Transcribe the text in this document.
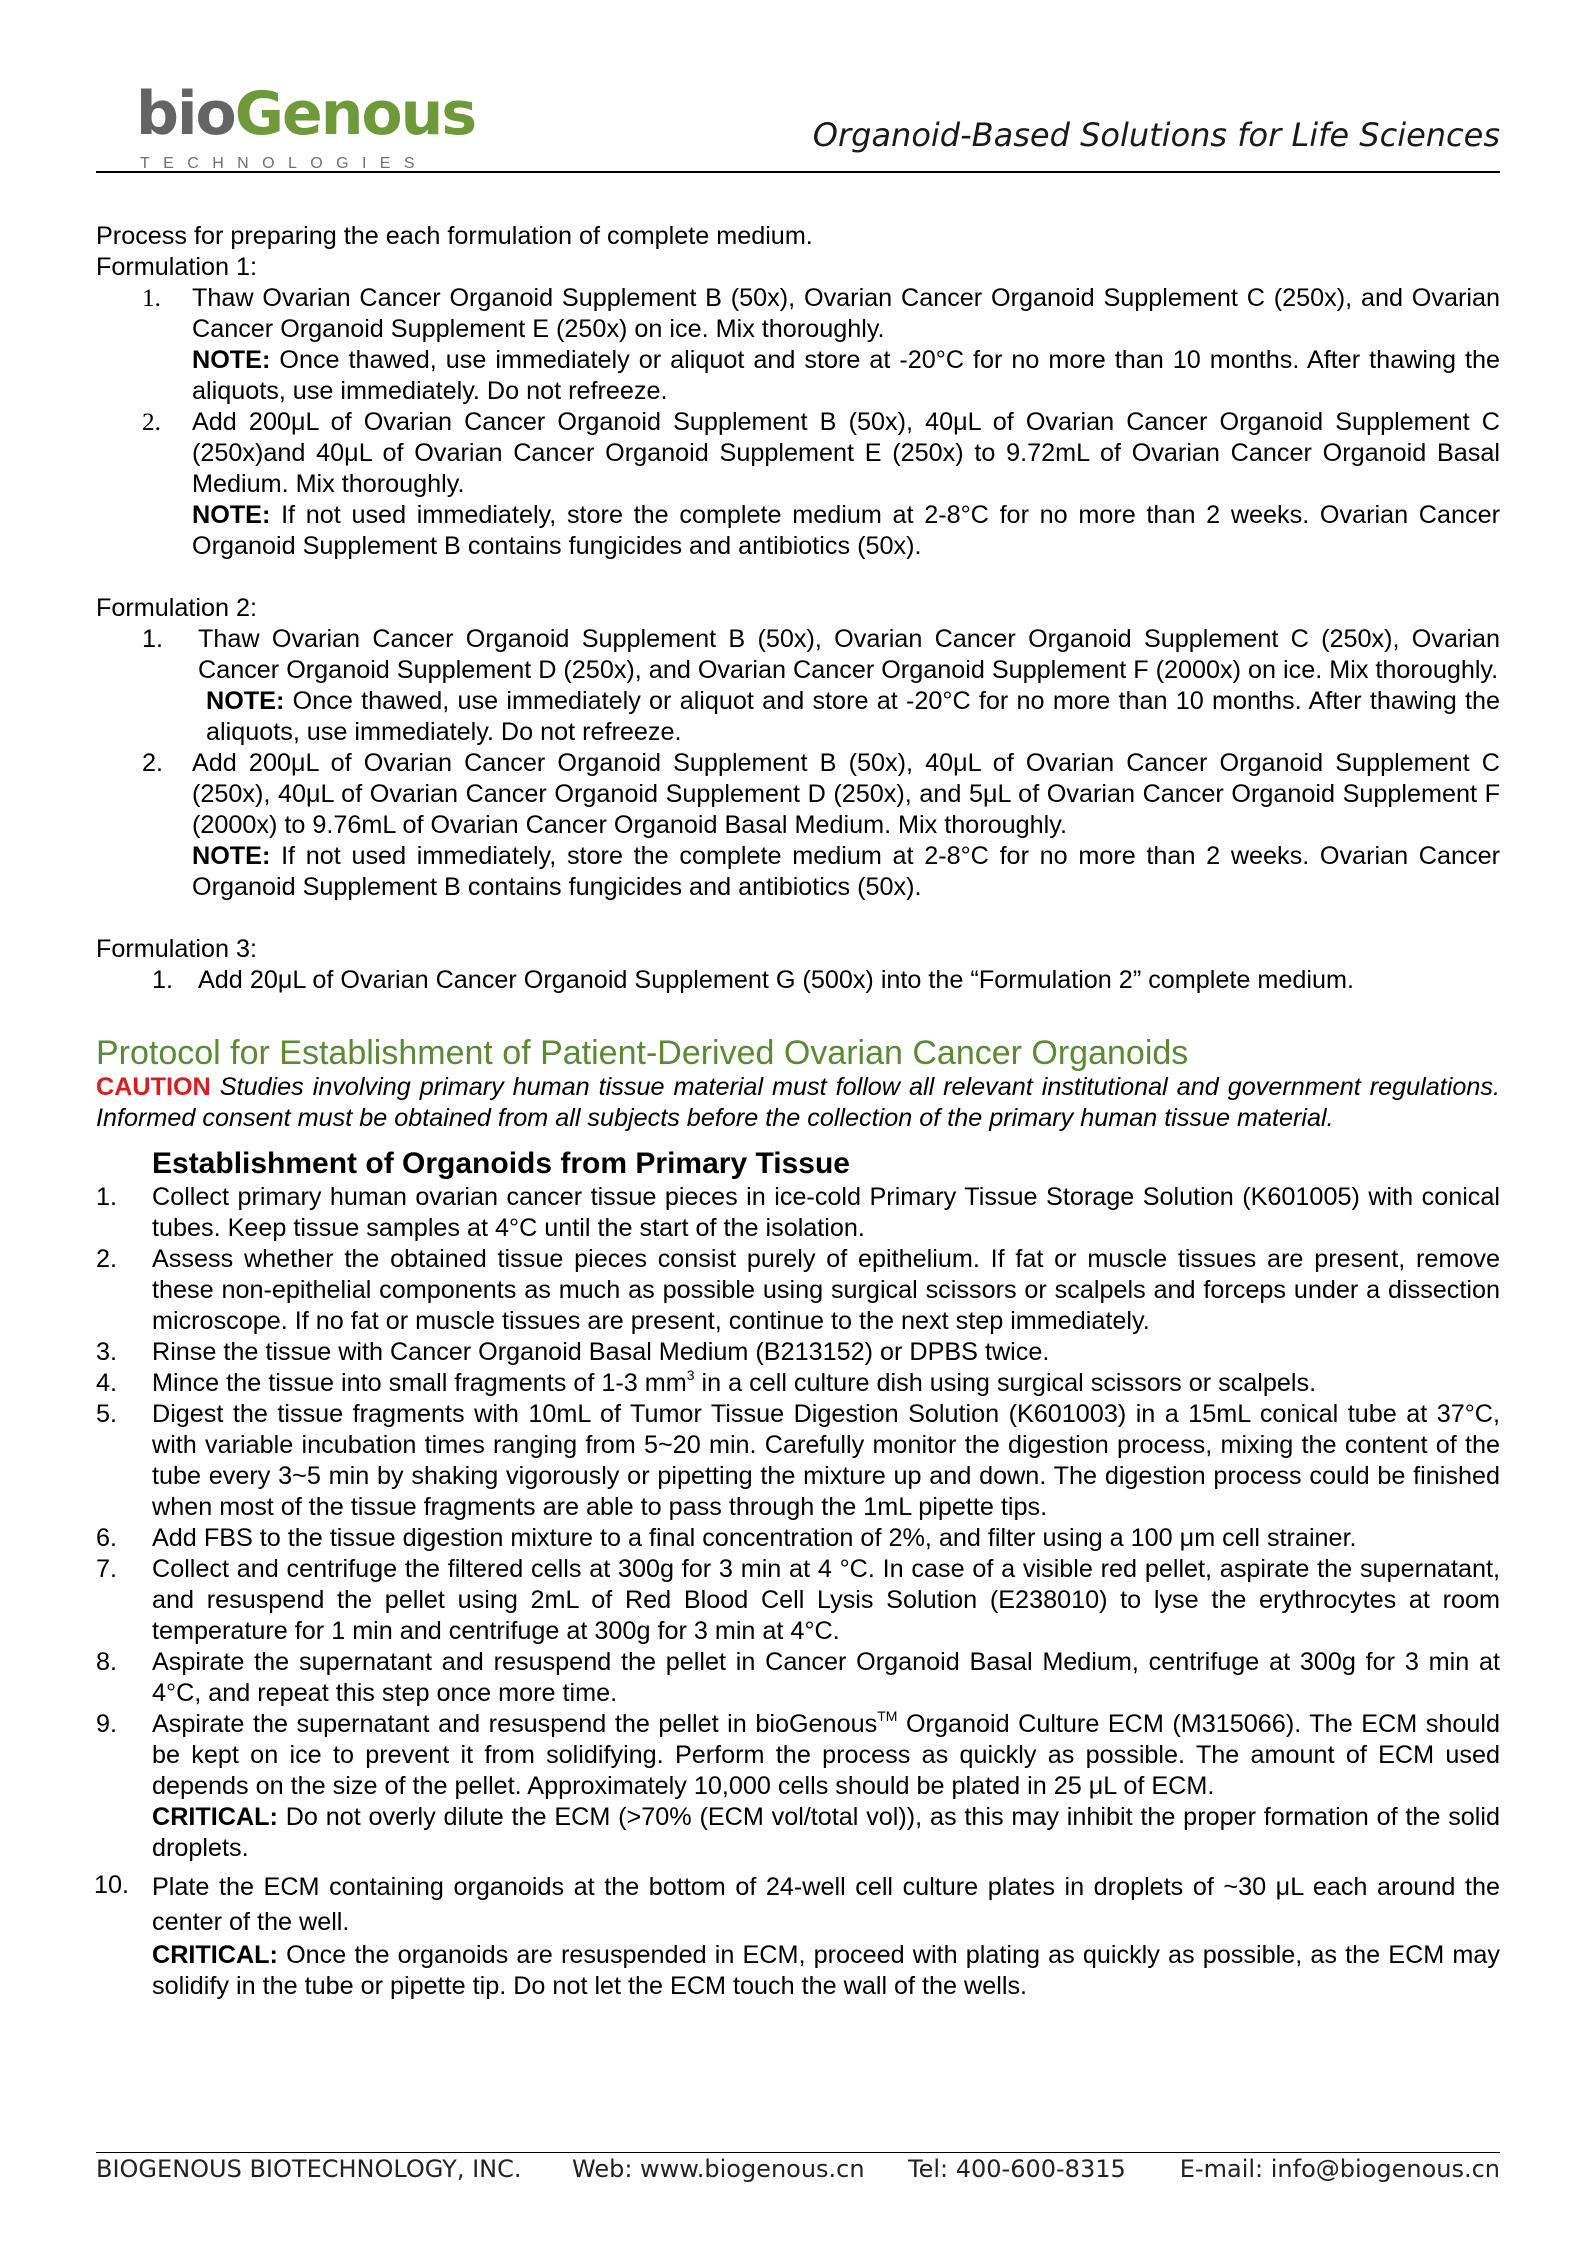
bioGenous
TECHNOLOGIES
Organoid-Based Solutions for Life Sciences

Process for preparing the each formulation of complete medium.

Formulation 1:

1. Thaw Ovarian Cancer Organoid Supplement B (50x), Ovarian Cancer Organoid Supplement C (250x), and Ovarian Cancer Organoid Supplement E (250x) on ice. Mix thoroughly.

NOTE: Once thawed, use immediately or aliquot and store at -20°C for no more than 10 months. After thawing the aliquots, use immediately. Do not refreeze.

2. Add 200μL of Ovarian Cancer Organoid Supplement B (50x), 40μL of Ovarian Cancer Organoid Supplement C (250x)and 40μL of Ovarian Cancer Organoid Supplement E (250x) to 9.72mL of Ovarian Cancer Organoid Basal Medium. Mix thoroughly.

NOTE: If not used immediately, store the complete medium at 2-8°C for no more than 2 weeks. Ovarian Cancer Organoid Supplement B contains fungicides and antibiotics (50x).

Formulation 2:

1. Thaw Ovarian Cancer Organoid Supplement B (50x), Ovarian Cancer Organoid Supplement C (250x), Ovarian Cancer Organoid Supplement D (250x), and Ovarian Cancer Organoid Supplement F (2000x) on ice. Mix thoroughly.

NOTE: Once thawed, use immediately or aliquot and store at -20°C for no more than 10 months. After thawing the aliquots, use immediately. Do not refreeze.

2. Add 200μL of Ovarian Cancer Organoid Supplement B (50x), 40μL of Ovarian Cancer Organoid Supplement C (250x), 40μL of Ovarian Cancer Organoid Supplement D (250x), and 5μL of Ovarian Cancer Organoid Supplement F (2000x) to 9.76mL of Ovarian Cancer Organoid Basal Medium. Mix thoroughly.

NOTE: If not used immediately, store the complete medium at 2-8°C for no more than 2 weeks. Ovarian Cancer Organoid Supplement B contains fungicides and antibiotics (50x).

Formulation 3:

1. Add 20μL of Ovarian Cancer Organoid Supplement G (500x) into the “Formulation 2” complete medium.

Protocol for Establishment of Patient-Derived Ovarian Cancer Organoids

CAUTION Studies involving primary human tissue material must follow all relevant institutional and government regulations. Informed consent must be obtained from all subjects before the collection of the primary human tissue material.

Establishment of Organoids from Primary Tissue
1. Collect primary human ovarian cancer tissue pieces in ice-cold Primary Tissue Storage Solution (K601005) with conical tubes. Keep tissue samples at 4°C until the start of the isolation.

2. Assess whether the obtained tissue pieces consist purely of epithelium. If fat or muscle tissues are present, remove these non-epithelial components as much as possible using surgical scissors or scalpels and forceps under a dissection microscope. If no fat or muscle tissues are present, continue to the next step immediately.

3. Rinse the tissue with Cancer Organoid Basal Medium (B213152) or DPBS twice.

4. Mince the tissue into small fragments of 1-3 $mm^3$ in a cell culture dish using surgical scissors or scalpels.

5. Digest the tissue fragments with 10mL of Tumor Tissue Digestion Solution (K601003) in a 15mL conical tube at 37°C, with variable incubation times ranging from 5~20 min. Carefully monitor the digestion process, mixing the content of the tube every 3~5 min by shaking vigorously or pipetting the mixture up and down. The digestion process could be finished when most of the tissue fragments are able to pass through the 1mL pipette tips.

6. Add FBS to the tissue digestion mixture to a final concentration of 2%, and filter using a 100 μm cell strainer.

7. Collect and centrifuge the filtered cells at 300g for 3 min at 4 °C. In case of a visible red pellet, aspirate the supernatant, and resuspend the pellet using 2mL of Red Blood Cell Lysis Solution (E238010) to lyse the erythrocytes at room temperature for 1 min and centrifuge at 300g for 3 min at 4°C.

8. Aspirate the supernatant and resuspend the pellet in Cancer Organoid Basal Medium, centrifuge at 300g for 3 min at 4°C, and repeat this step once more time.

9. Aspirate the supernatant and resuspend the pellet in bioGenous™ Organoid Culture ECM (M315066). The ECM should be kept on ice to prevent it from solidifying. Perform the process as quickly as possible. The amount of ECM used depends on the size of the pellet. Approximately 10,000 cells should be plated in 25 μL of ECM.

CRITICAL: Do not overly dilute the ECM (>70% (ECM vol/total vol)), as this may inhibit the proper formation of the solid droplets.

10. Plate the ECM containing organoids at the bottom of 24-well cell culture plates in droplets of ~30 μL each around the center of the well.

CRITICAL: Once the organoids are resuspended in ECM, proceed with plating as quickly as possible, as the ECM may solidify in the tube or pipette tip. Do not let the ECM touch the wall of the wells.

BIOGENOUS BIOTECHNOLOGY, INC. Web: www.biogenous.cn Tel: 400-600-8315 E-mail: info@biogenous.cn
